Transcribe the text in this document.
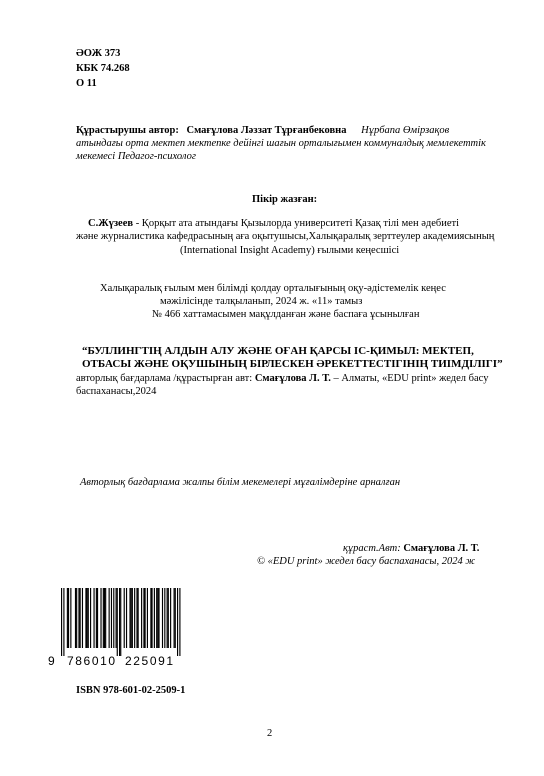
ӘОЖ 373
КБК 74.268
О 11
Құрастырушы автор: Смағұлова Ләззат Тұрғанбековна Нұрбапа Өмірзақов
атындағы орта мектеп мектепке дейінгі шағын орталығымен коммуналдық мемлекеттік
мекемесі Педагог-психолог
Пікір жазған:
С.Жүзеев - Қорқыт ата атындағы Қызылорда университеті Қазақ тілі мен әдебиеті
және журналистика кафедрасының аға оқытушысы,Халықаралық зерттеулер академиясының
(International Insight Academy) ғылыми кеңесшісі
Халықаралық ғылым мен білімді қолдау орталығының оқу-әдістемелік кеңес
мәжілісінде талқыланып, 2024 ж. «11» тамыз
№ 466 хаттамасымен мақұлданған және баспаға ұсынылған
“БУЛЛИНГТІҢ АЛДЫН АЛУ ЖӘНЕ ОҒАН ҚАРСЫ ІС-ҚИМЫЛ: МЕКТЕП,
ОТБАСЫ ЖӘНЕ ОҚУШЫНЫҢ БІРЛЕСКЕН ӘРЕКЕТТЕСТІГІНІҢ ТИІМДІЛІГІ”
авторлық бағдарлама /құрастырған авт: Смағұлова Л. Т. – Алматы, «EDU print» жедел басу
баспаханасы,2024
Авторлық бағдарлама жалпы білім мекемелері мұғалімдеріне арналған
құраст.Авт: Смағұлова Л. Т.
© «EDU print» жедел басу баспаханасы, 2024 ж
9 786010 225091
ISBN 978-601-02-2509-1
2
